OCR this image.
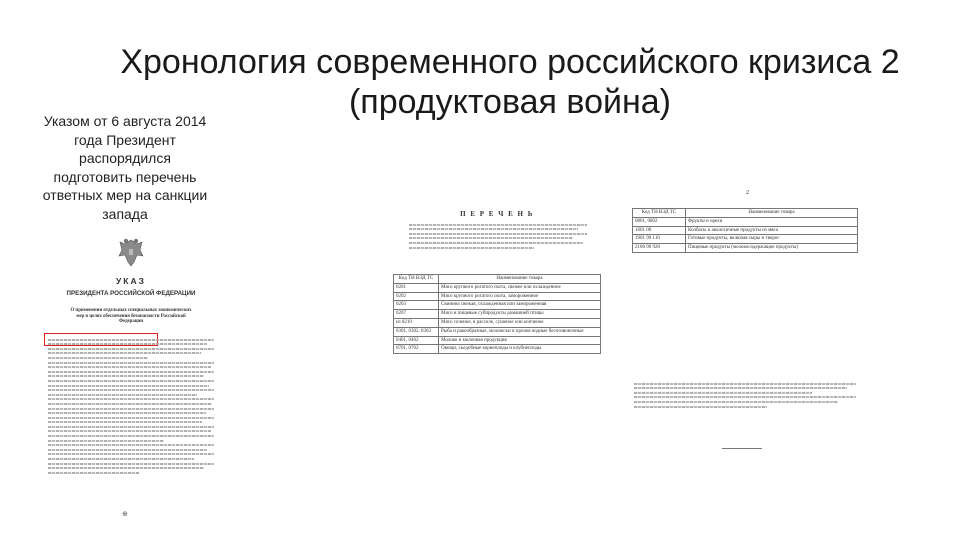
Хронология современного российского кризиса 2 (продуктовая война)
Указом от 6 августа 2014 года Президент распорядился подготовить перечень ответных мер на санкции запада
УКАЗ
ПРЕЗИДЕНТА РОССИЙСКОЙ ФЕДЕРАЦИИ
О применении отдельных специальных экономических мер в целях обеспечения безопасности Российской Федерации
⊕
П Е Р Е Ч Е Н Ь
Код ТН ВЭД ТС	Наименование товара
0201	Мясо крупного рогатого скота, свежее или охлажденное
0202	Мясо крупного рогатого скота, замороженное
0203	Свинина свежая, охлажденная или замороженная
0207	Мясо и пищевые субпродукты домашней птицы
из 0210	Мясо соленое, в рассоле, сушеное или копченое
0301, 0302, 0303	Рыба и ракообразные, моллюски и прочие водные беспозвоночные
0401, 0402	Молоко и молочная продукция
0701, 0702	Овощи, съедобные корнеплоды и клубнеплоды
2
Код ТН ВЭД ТС	Наименование товара
0801, 0802	Фрукты и орехи
1601 00	Колбасы и аналогичные продукты из мяса
1901 90 110	Готовые продукты, включая сыры и творог
2106 90 920	Пищевые продукты (молокосодержащие продукты)
